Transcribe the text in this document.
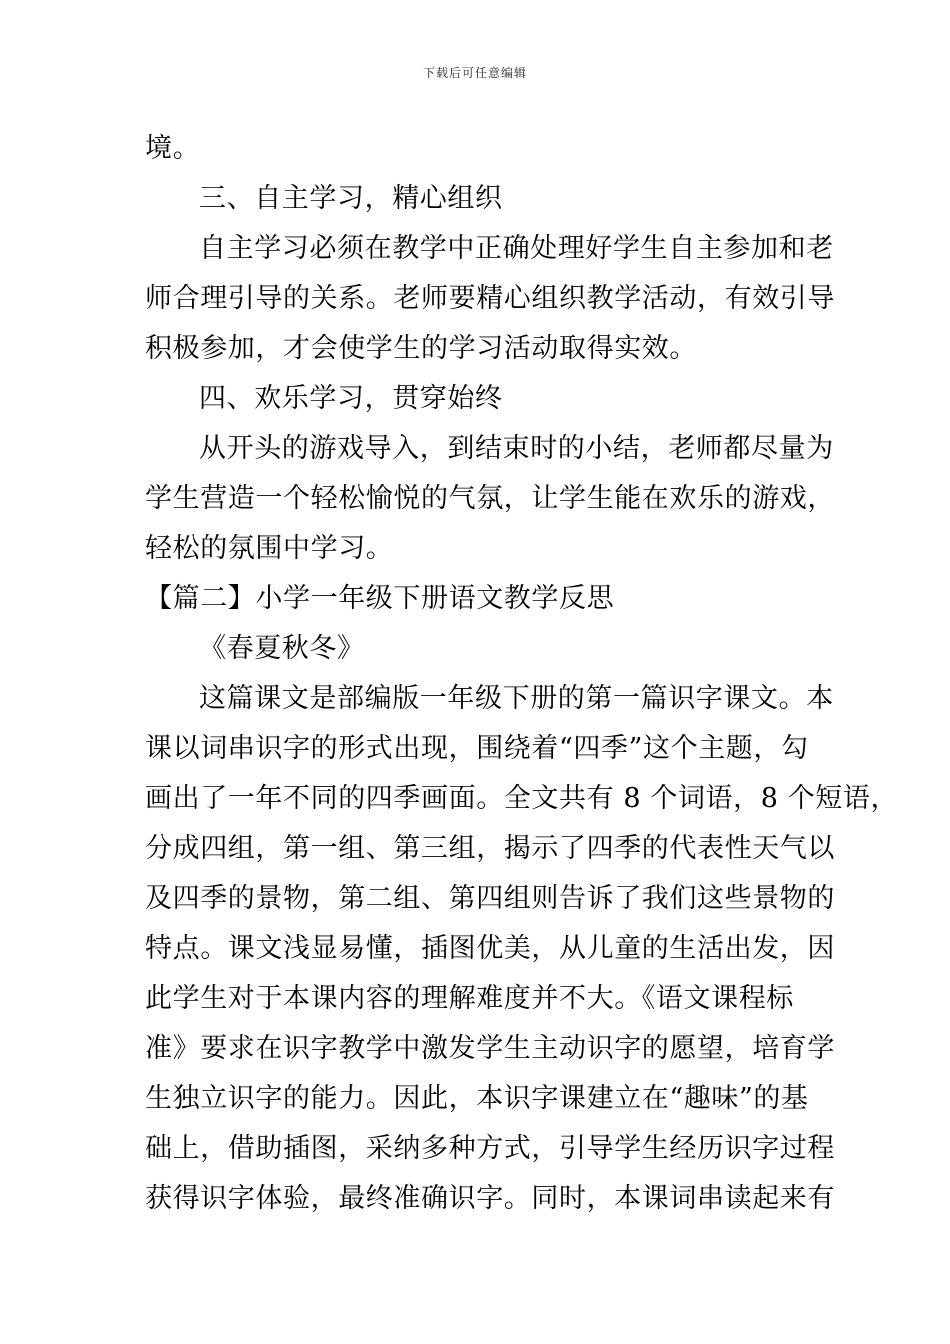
下载后可任意编辑
境。
三、自主学习，精心组织
自主学习必须在教学中正确处理好学生自主参加和老
师合理引导的关系。老师要精心组织教学活动，有效引导
积极参加，才会使学生的学习活动取得实效。
四、欢乐学习，贯穿始终
从开头的游戏导入，到结束时的小结，老师都尽量为
学生营造一个轻松愉悦的气氛，让学生能在欢乐的游戏，
轻松的氛围中学习。
【篇二】小学一年级下册语文教学反思
《春夏秋冬》
这篇课文是部编版一年级下册的第一篇识字课文。本
课以词串识字的形式出现，围绕着“四季”这个主题，勾
画出了一年不同的四季画面。全文共有 8 个词语，8 个短语，
分成四组，第一组、第三组，揭示了四季的代表性天气以
及四季的景物，第二组、第四组则告诉了我们这些景物的
特点。课文浅显易懂，插图优美，从儿童的生活出发，因
此学生对于本课内容的理解难度并不大。《语文课程标
准》要求在识字教学中激发学生主动识字的愿望，培育学
生独立识字的能力。因此，本识字课建立在“趣味”的基
础上，借助插图，采纳多种方式，引导学生经历识字过程
获得识字体验，最终准确识字。同时，本课词串读起来有
